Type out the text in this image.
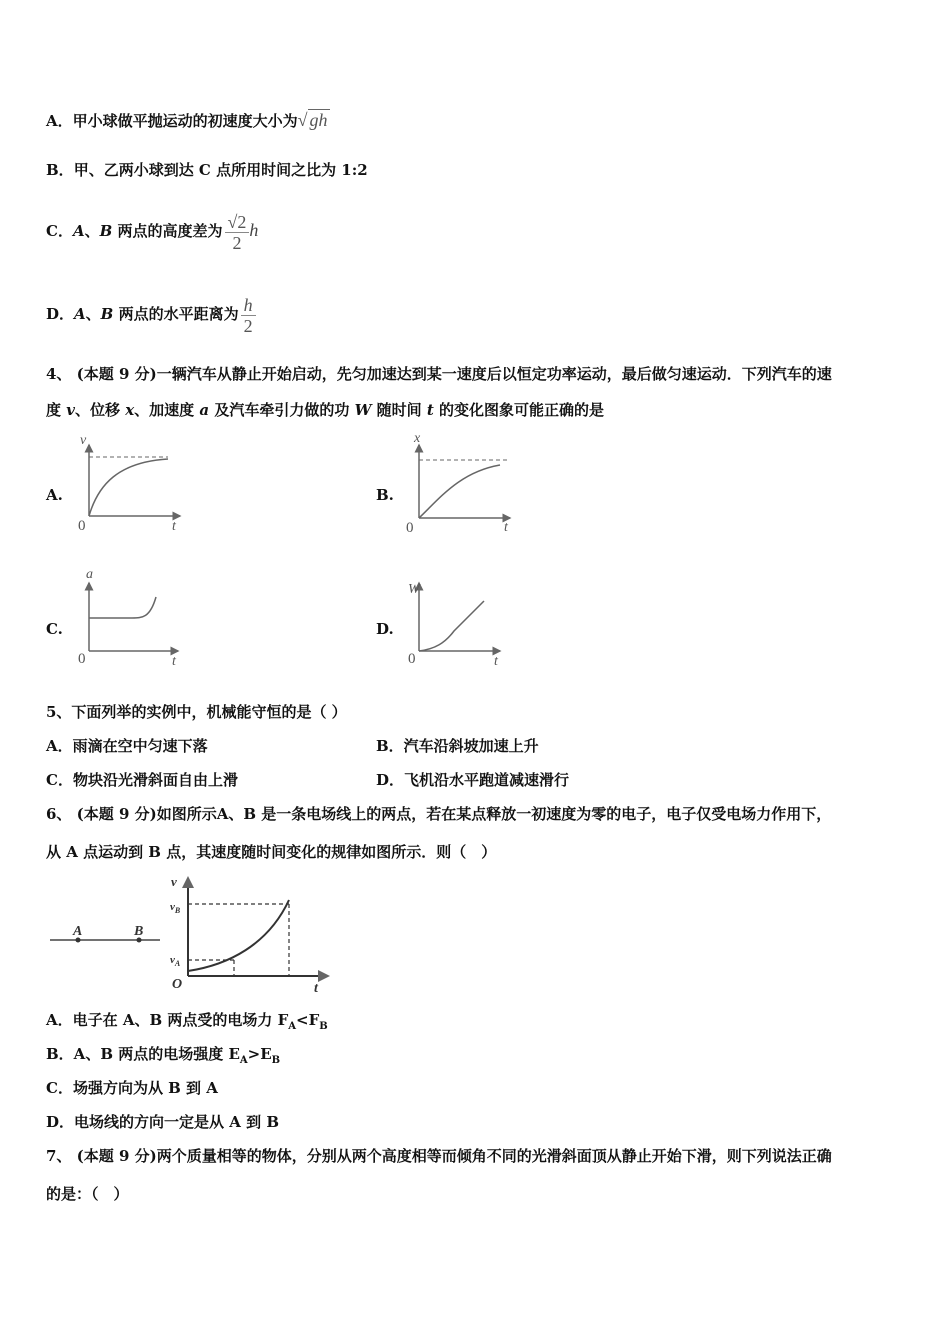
A．甲小球做平抛运动的初速度大小为√ gh
B．甲、乙两小球到达 C 点所用时间之比为 1:2
C．A、B 两点的高度差为 $\frac{√2}{2}$ h
D．A、B 两点的水平距离为 $\frac{h}{2}$
4、 (本题 9 分)一辆汽车从静止开始启动，先匀加速达到某一速度后以恒定功率运动，最后做匀速运动．下列汽车的速
度 v、位移 x、加速度 a 及汽车牵引力做的功 W 随时间 t 的变化图象可能正确的是
A.	B.
C.	D.
v
t
0
x
t
0
a
t
0
W
t
0
5、下面列举的实例中，机械能守恒的是（ ）
A．雨滴在空中匀速下落	B．汽车沿斜坡加速上升
C．物块沿光滑斜面自由上滑	D．飞机沿水平跑道减速滑行
6、 (本题 9 分)如图所示A、B 是一条电场线上的两点，若在某点释放一初速度为零的电子，电子仅受电场力作用下，
从 A 点运动到 B 点，其速度随时间变化的规律如图所示．则（　）
A	B
v
$v_B$
$v_A$
O	t
A．电子在 A、B 两点受的电场力 $F_A<F_B$
B．A、B 两点的电场强度 $E_A>E_B$
C．场强方向为从 B 到 A
D．电场线的方向一定是从 A 到 B
7、 (本题 9 分)两个质量相等的物体，分别从两个高度相等而倾角不同的光滑斜面顶从静止开始下滑，则下列说法正确
的是：（　）
